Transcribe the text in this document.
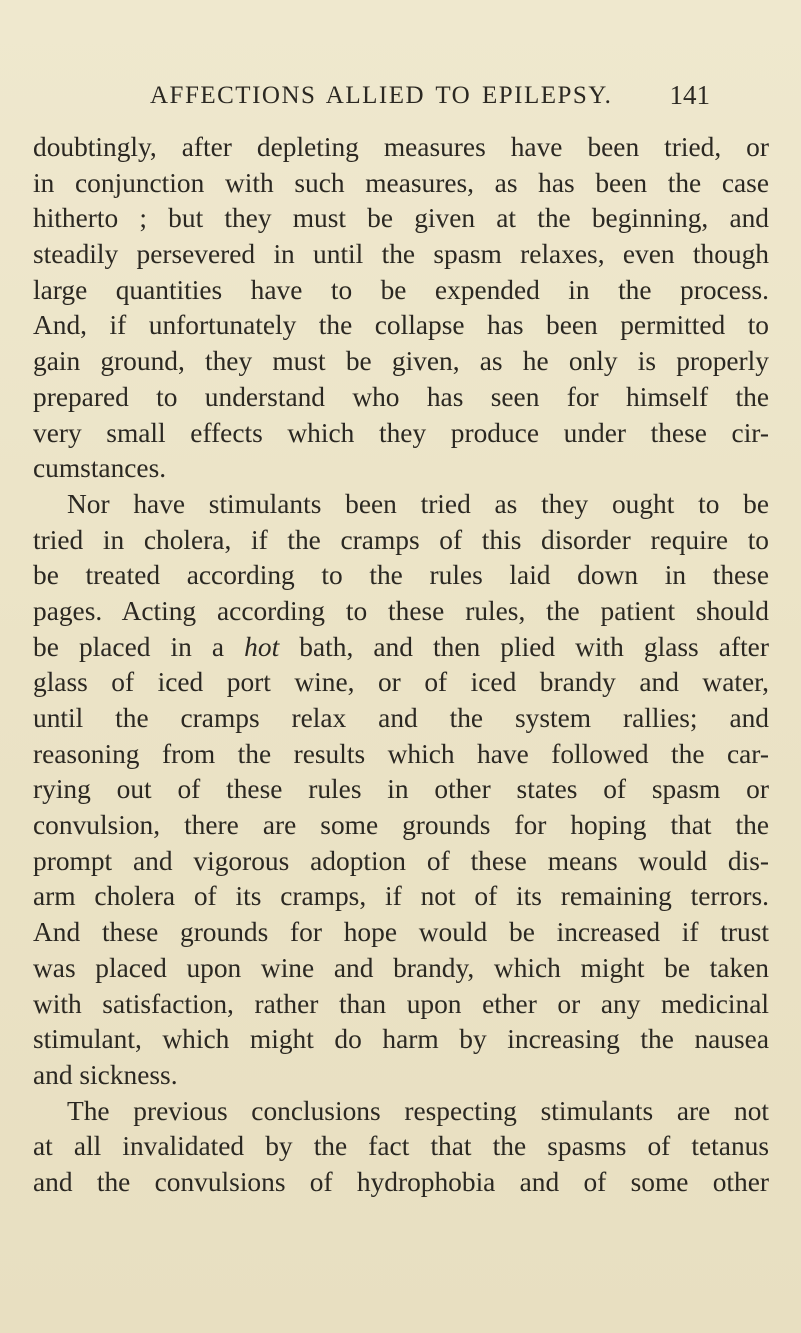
AFFECTIONS ALLIED TO EPILEPSY. 141
doubtingly, after depleting measures have been tried, or
in conjunction with such measures, as has been the case
hitherto ; but they must be given at the beginning, and
steadily persevered in until the spasm relaxes, even though
large quantities have to be expended in the process.
And, if unfortunately the collapse has been permitted to
gain ground, they must be given, as he only is properly
prepared to understand who has seen for himself the
very small effects which they produce under these cir-
cumstances.
Nor have stimulants been tried as they ought to be
tried in cholera, if the cramps of this disorder require to
be treated according to the rules laid down in these
pages. Acting according to these rules, the patient should
be placed in a hot bath, and then plied with glass after
glass of iced port wine, or of iced brandy and water,
until the cramps relax and the system rallies; and
reasoning from the results which have followed the car-
rying out of these rules in other states of spasm or
convulsion, there are some grounds for hoping that the
prompt and vigorous adoption of these means would dis-
arm cholera of its cramps, if not of its remaining terrors.
And these grounds for hope would be increased if trust
was placed upon wine and brandy, which might be taken
with satisfaction, rather than upon ether or any medicinal
stimulant, which might do harm by increasing the nausea
and sickness.
The previous conclusions respecting stimulants are not
at all invalidated by the fact that the spasms of tetanus
and the convulsions of hydrophobia and of some other
